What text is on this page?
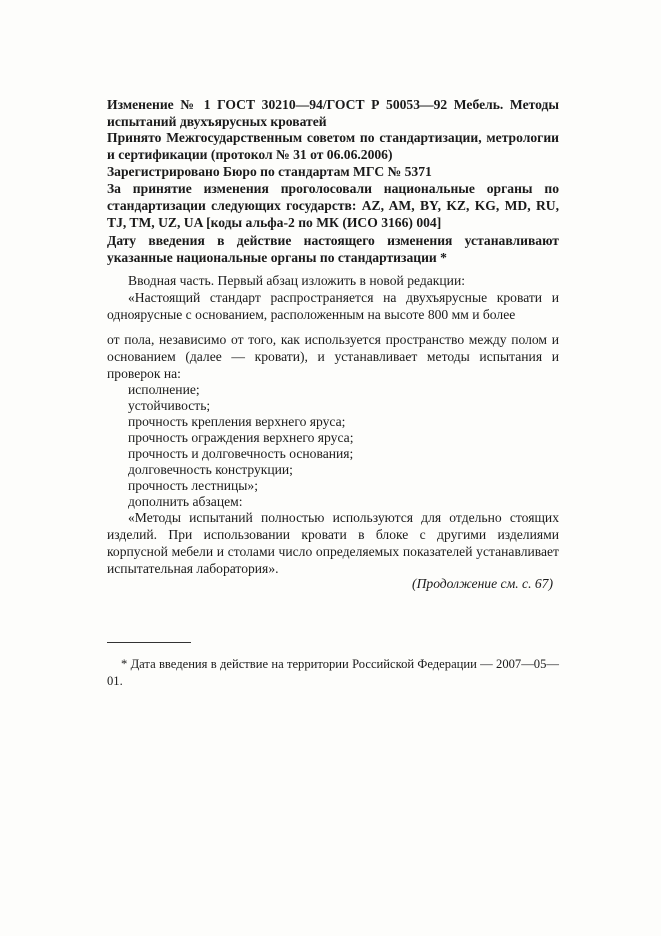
Изменение № 1 ГОСТ 30210—94/ГОСТ Р 50053—92 Мебель. Методы испытаний двухъярусных кроватей
Принято Межгосударственным советом по стандартизации, метрологии и сертификации (протокол № 31 от 06.06.2006)
Зарегистрировано Бюро по стандартам МГС № 5371
За принятие изменения проголосовали национальные органы по стандартизации следующих государств: AZ, AM, BY, KZ, KG, MD, RU, TJ, TM, UZ, UA [коды альфа-2 по МК (ИСО 3166) 004]
Дату введения в действие настоящего изменения устанавливают указанные национальные органы по стандартизации *
Вводная часть. Первый абзац изложить в новой редакции:
«Настоящий стандарт распространяется на двухъярусные кровати и одноярусные с основанием, расположенным на высоте 800 мм и более
от пола, независимо от того, как используется пространство между полом и основанием (далее — кровати), и устанавливает методы испытания и проверок на:
исполнение;
устойчивость;
прочность крепления верхнего яруса;
прочность ограждения верхнего яруса;
прочность и долговечность основания;
долговечность конструкции;
прочность лестницы»;
дополнить абзацем:
«Методы испытаний полностью используются для отдельно стоящих изделий. При использовании кровати в блоке с другими изделиями корпусной мебели и столами число определяемых показателей устанавливает испытательная лаборатория».
(Продолжение см. с. 67)
* Дата введения в действие на территории Российской Федерации — 2007—05—01.
